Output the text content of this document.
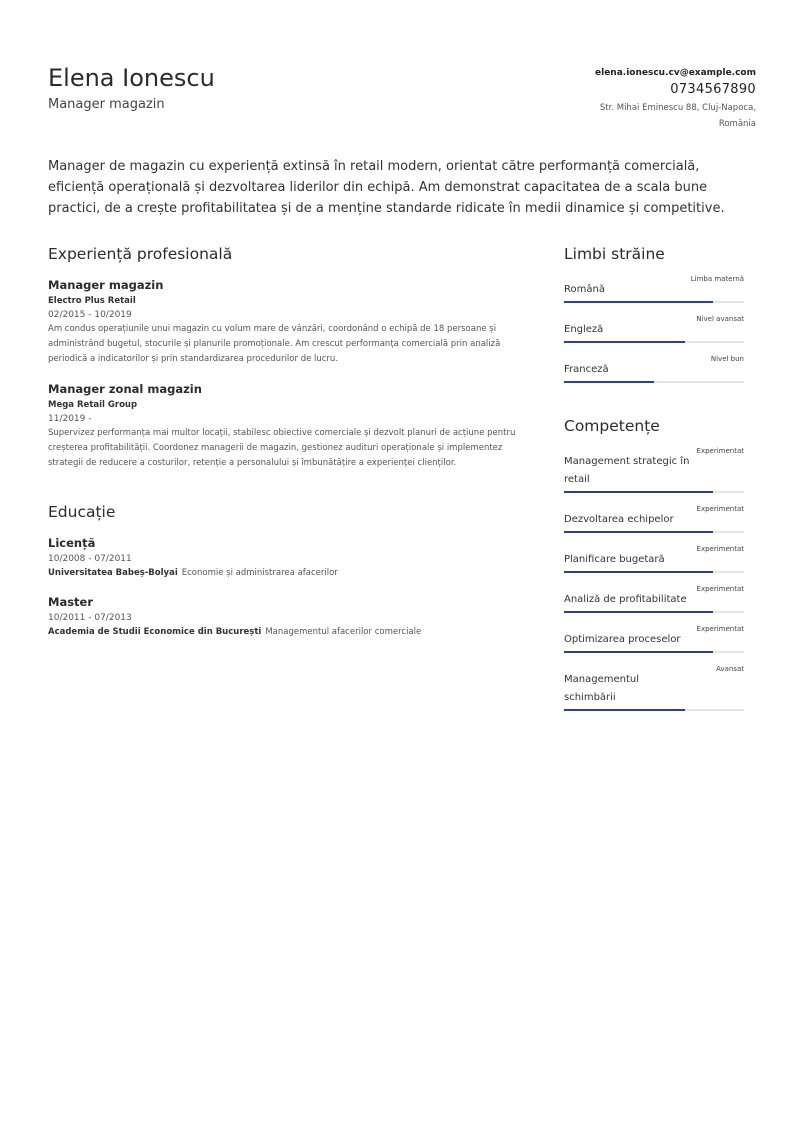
Elena Ionescu
Manager magazin
elena.ionescu.cv@example.com
0734567890
Str. Mihai Eminescu 88, Cluj-Napoca,
România

Manager de magazin cu experiență extinsă în retail modern, orientat către performanță comercială, eficiență operațională și dezvoltarea liderilor din echipă. Am demonstrat capacitatea de a scala bune practici, de a crește profitabilitatea și de a menține standarde ridicate în medii dinamice și competitive.

Experiență profesională
Manager magazin
Electro Plus Retail
02/2015 - 10/2019
Am condus operațiunile unui magazin cu volum mare de vânzări, coordonând o echipă de 18 persoane și administrând bugetul, stocurile și planurile promoționale. Am crescut performanța comercială prin analiză periodică a indicatorilor și prin standardizarea procedurilor de lucru.
Manager zonal magazin
Mega Retail Group
11/2019 -
Supervizez performanța mai multor locații, stabilesc obiective comerciale și dezvolt planuri de acțiune pentru creșterea profitabilității. Coordonez managerii de magazin, gestionez audituri operaționale și implementez strategii de reducere a costurilor, retenție a personalului și îmbunătățire a experienței clienților.
Educație
Licență
10/2008 - 07/2011
Universitatea Babeș-Bolyai Economie și administrarea afacerilor
Master
10/2011 - 07/2013
Academia de Studii Economice din București Managementul afacerilor comerciale
Limbi străine
Română
Limba maternă
Engleză
Nivel avansat
Franceză
Nivel bun
Competențe
Management strategic în retail
Experimentat
Dezvoltarea echipelor
Experimentat
Planificare bugetară
Experimentat
Analiză de profitabilitate
Experimentat
Optimizarea proceselor
Experimentat
Managementul schimbării
Avansat
